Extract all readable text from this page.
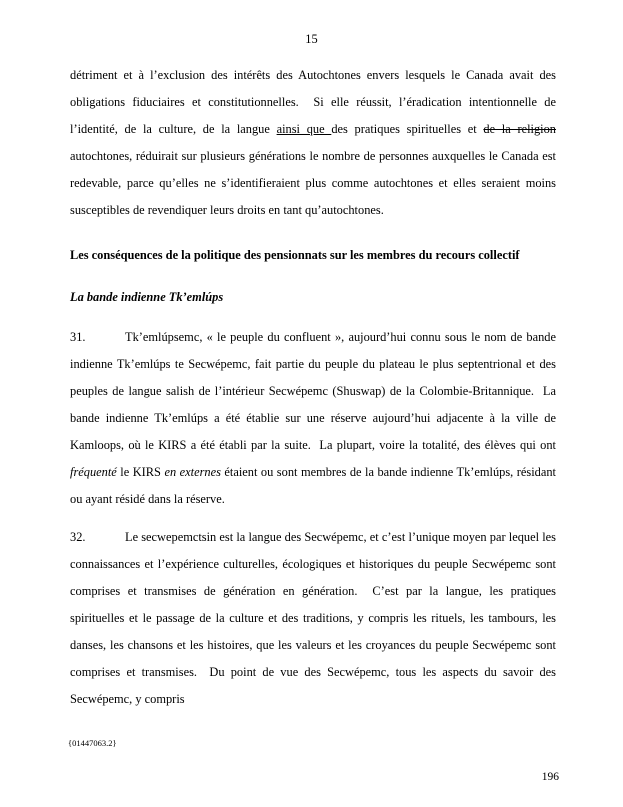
15

détriment et à l’exclusion des intérêts des Autochtones envers lesquels le Canada avait des obligations fiduciaires et constitutionnelles.  Si elle réussit, l’éradication intentionnelle de l’identité, de la culture, de la langue ainsi que des pratiques spirituelles et de la religion autochtones, réduirait sur plusieurs générations le nombre de personnes auxquelles le Canada est redevable, parce qu’elles ne s’identifieraient plus comme autochtones et elles seraient moins susceptibles de revendiquer leurs droits en tant qu’autochtones.

Les conséquences de la politique des pensionnats sur les membres du recours collectif
La bande indienne Tk’emlúps
31.	Tk’emlúpsemc, « le peuple du confluent », aujourd’hui connu sous le nom de bande indienne Tk’emlúps te Secwépemc, fait partie du peuple du plateau le plus septentrional et des peuples de langue salish de l’intérieur Secwépemc (Shuswap) de la Colombie-Britannique.  La bande indienne Tk’emlúps a été établie sur une réserve aujourd’hui adjacente à la ville de Kamloops, où le KIRS a été établi par la suite.  La plupart, voire la totalité, des élèves qui ont fréquenté le KIRS en externes étaient ou sont membres de la bande indienne Tk’emlúps, résidant ou ayant résidé dans la réserve.
32.	Le secwepemctsin est la langue des Secwépemc, et c’est l’unique moyen par lequel les connaissances et l’expérience culturelles, écologiques et historiques du peuple Secwépemc sont comprises et transmises de génération en génération.  C’est par la langue, les pratiques spirituelles et le passage de la culture et des traditions, y compris les rituels, les tambours, les danses, les chansons et les histoires, que les valeurs et les croyances du peuple Secwépemc sont comprises et transmises.  Du point de vue des Secwépemc, tous les aspects du savoir des Secwépemc, y compris
{01447063.2}
196
